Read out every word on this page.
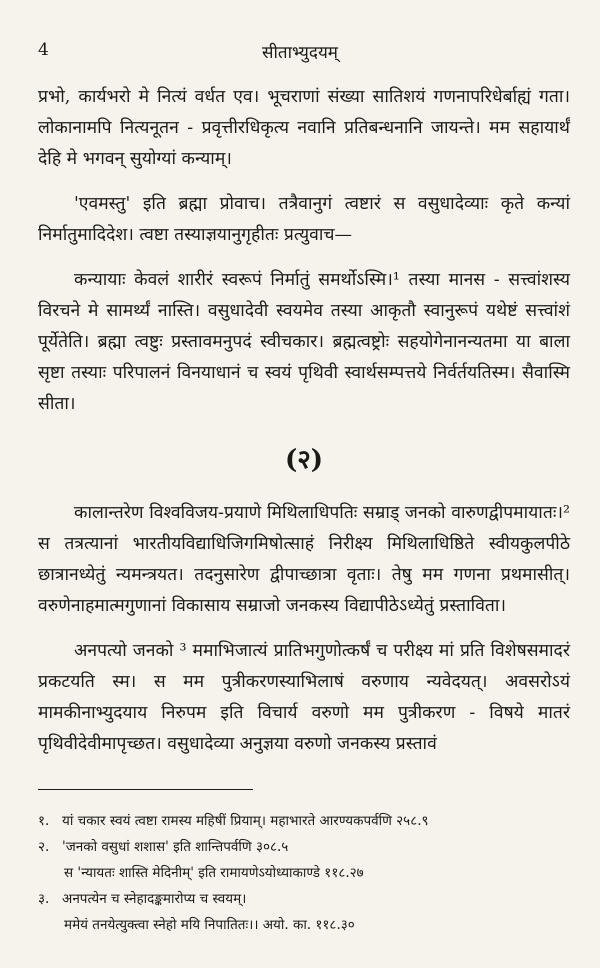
4	सीताभ्युदयम्

प्रभो, कार्यभरो मे नित्यं वर्धत एव। भूचराणां संख्या सातिशयं गणनापरिधेर्बाह्यं गता। लोकानामपि नित्यनूतन - प्रवृत्तीरधिकृत्य नवानि प्रतिबन्धनानि जायन्ते। मम सहायार्थं देहि मे भगवन् सुयोग्यां कन्याम्।

'एवमस्तु' इति ब्रह्मा प्रोवाच। तत्रैवानुगं त्वष्टारं स वसुधादेव्याः कृते कन्यां निर्मातुमादिदेश। त्वष्टा तस्याज्ञयानुगृहीतः प्रत्युवाच—

कन्यायाः केवलं शारीरं स्वरूपं निर्मातुं समर्थोऽस्मि।¹ तस्या मानस - सत्त्वांशस्य विरचने मे सामर्थ्यं नास्ति। वसुधादेवी स्वयमेव तस्या आकृतौ स्वानुरूपं यथेष्टं सत्त्वांशं पूर्येतेति। ब्रह्मा त्वष्टुः प्रस्तावमनुपदं स्वीचकार। ब्रह्मत्वष्ट्रोः सहयोगेनानन्यतमा या बाला सृष्टा तस्याः परिपालनं विनयाधानं च स्वयं पृथिवी स्वार्थसम्पत्तये निर्वर्तयतिस्म। सैवास्मि सीता।

(२)

कालान्तरेण विश्वविजय-प्रयाणे मिथिलाधिपतिः सम्राड् जनको वारुणद्वीपमायातः।² स तत्रत्यानां भारतीयविद्याधिजिगमिषोत्साहं निरीक्ष्य मिथिलाधिष्ठिते स्वीयकुलपीठे छात्रानध्येतुं न्यमन्त्रयत। तदनुसारेण द्वीपाच्छात्रा वृताः। तेषु मम गणना प्रथमासीत्। वरुणेनाहमात्मगुणानां विकासाय सम्राजो जनकस्य विद्यापीठेऽध्येतुं प्रस्ताविता।

अनपत्यो जनको ³ ममाभिजात्यं प्रातिभगुणोत्कर्षं च परीक्ष्य मां प्रति विशेषसमादरं प्रकटयति स्म। स मम पुत्रीकरणस्याभिलाषं वरुणाय न्यवेदयत्। अवसरोऽयं मामकीनाभ्युदयाय निरुपम इति विचार्य वरुणो मम पुत्रीकरण - विषये मातरं पृथिवीदेवीमापृच्छत। वसुधादेव्या अनुज्ञया वरुणो जनकस्य प्रस्तावं

१. यां चकार स्वयं त्वष्टा रामस्य महिषीं प्रियाम्। महाभारते आरण्यकपर्वणि २५८.९
२. 'जनको वसुधां शशास' इति शान्तिपर्वणि ३०८.५
स 'न्यायतः शास्ति मेदिनीम्' इति रामायणेऽयोध्याकाण्डे ११८.२७
३. अनपत्येन च स्नेहादङ्कमारोप्य च स्वयम्।
ममेयं तनयेत्युक्त्वा स्नेहो मयि निपातितः।। अयो. का. ११८.३०
